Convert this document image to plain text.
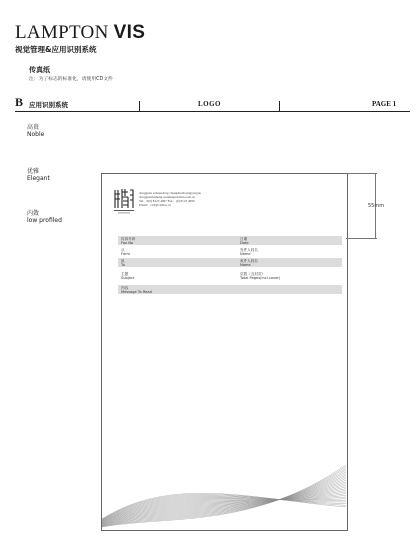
LAMPTON VIS
视觉管理&应用识别系统
传真纸
注：为了标志的标准化，请使用CD文件
B 应用识别系统	LOGO	PAGE 1
高贵
Noble
优雅
Elegant
内敛
low profiled
55mm
dongguan schuandong changshuili.qingyangqu
dongguanlusheng.wenhuajiedaban.com.cn
Tel：0(0) 8123 4997 Fax：(0) 8123 4990
Email：123@126ice.cn
传真号码
Fax No
日期
Date
从
Form
发件人姓名
Name
致
To
收件人姓名
Name
主题
Subject
页数（含封页）
Total Pages(incl.cover)
内容
Message To Read
